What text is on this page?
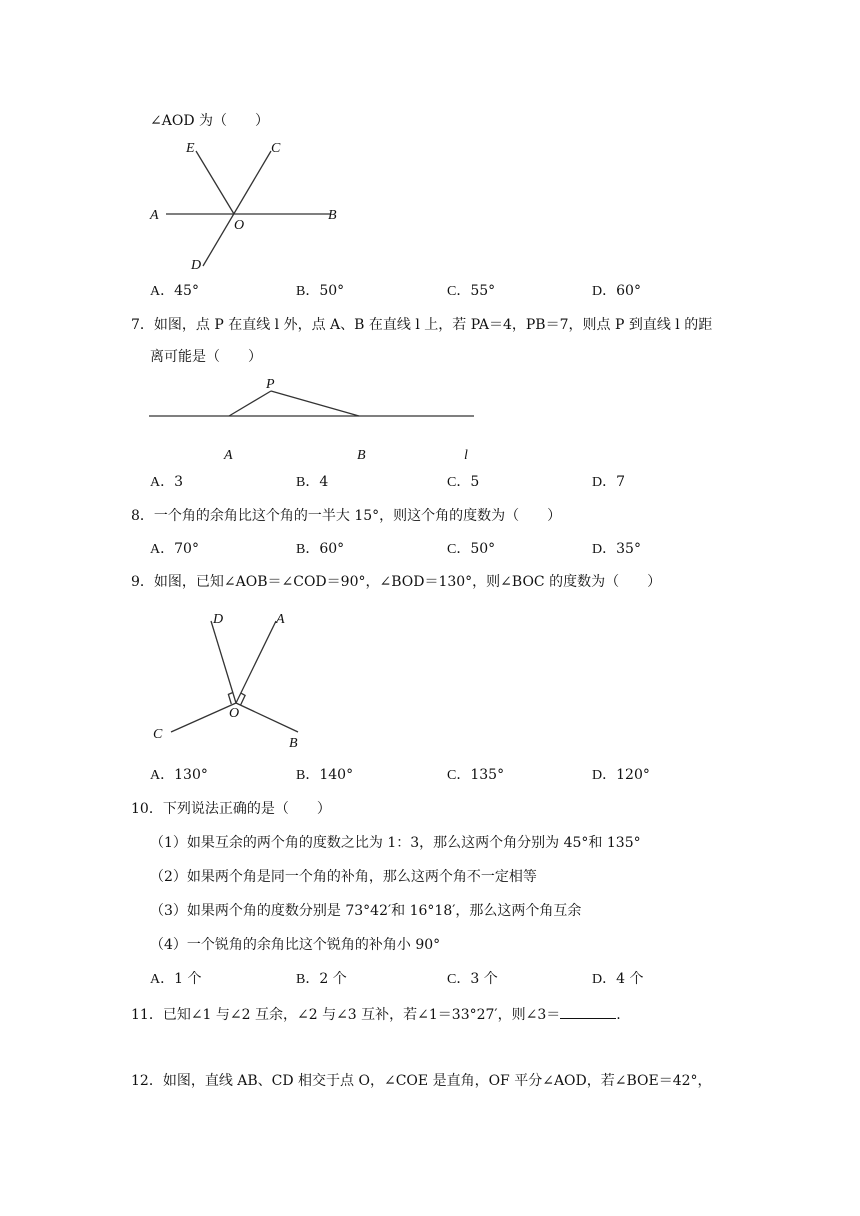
∠AOD 为（　　）
E	C
A
O
B
D
A．45°	B．50°	C．55°	D．60°
7．如图，点 P 在直线 l 外，点 A、B 在直线 l 上，若 PA＝4，PB＝7，则点 P 到直线 l 的距
离可能是（　　）
P
A	B	l
A．3	B．4	C．5	D．7
8．一个角的余角比这个角的一半大 15°，则这个角的度数为（　　）
A．70°	B．60°	C．50°	D．35°
9．如图，已知∠AOB＝∠COD＝90°，∠BOD＝130°，则∠BOC 的度数为（　　）
D	A
O
C
B
A．130°	B．140°	C．135°	D．120°
10．下列说法正确的是（　　）
（1）如果互余的两个角的度数之比为 1：3，那么这两个角分别为 45°和 135°
（2）如果两个角是同一个角的补角，那么这两个角不一定相等
（3）如果两个角的度数分别是 73°42′和 16°18′，那么这两个角互余
（4）一个锐角的余角比这个锐角的补角小 90°
A．1 个	B．2 个	C．3 个	D．4 个
11．已知∠1 与∠2 互余，∠2 与∠3 互补，若∠1＝33°27′，则∠3＝	.
12．如图，直线 AB、CD 相交于点 O，∠COE 是直角，OF 平分∠AOD，若∠BOE＝42°，
